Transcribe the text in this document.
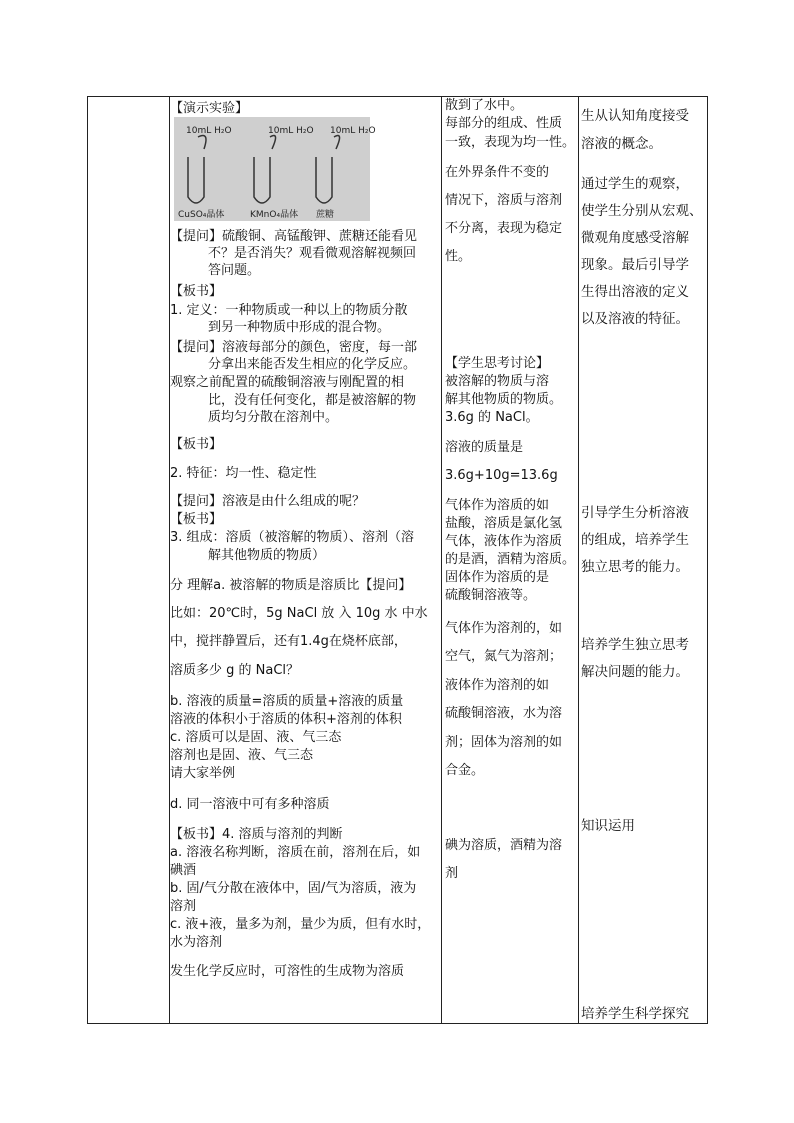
【演示实验】
10mL H₂O	10mL H₂O 10mL H₂O
CuSO₄晶体	KMnO₄晶体 蔗糖
【提问】硫酸铜、高锰酸钾、蔗糖还能看见
不？是否消失？观看微观溶解视频回
答问题。
【板书】
1. 定义：一种物质或一种以上的物质分散
到另一种物质中形成的混合物。
【提问】溶液每部分的颜色，密度，每一部
分拿出来能否发生相应的化学反应。
观察之前配置的硫酸铜溶液与刚配置的相
比，没有任何变化，都是被溶解的物
质均匀分散在溶剂中。
【板书】
2. 特征：均一性、稳定性
【提问】溶液是由什么组成的呢？
【板书】
3. 组成：溶质（被溶解的物质）、溶剂（溶
解其他物质的物质）
分 理解a. 被溶解的物质是溶质比【提问】
比如：20℃时，5g NaCl 放 入 10g 水 中水
中，搅拌静置后，还有1.4g在烧杯底部，
溶质多少 g 的 NaCl？
b. 溶液的质量=溶质的质量+溶液的质量
溶液的体积小于溶质的体积+溶剂的体积
c. 溶质可以是固、液、气三态
溶剂也是固、液、气三态
请大家举例
d. 同一溶液中可有多种溶质
【板书】4. 溶质与溶剂的判断
a. 溶液名称判断，溶质在前，溶剂在后，如
碘酒
b. 固/气分散在液体中，固/气为溶质，液为
溶剂
c. 液+液，量多为剂，量少为质，但有水时，
水为溶剂
发生化学反应时，可溶性的生成物为溶质
散到了水中。
每部分的组成、性质
一致，表现为均一性。
在外界条件不变的
情况下，溶质与溶剂
不分离，表现为稳定
性。
【学生思考讨论】
被溶解的物质与溶
解其他物质的物质。
3.6g 的 NaCl。
溶液的质量是
3.6g+10g=13.6g
气体作为溶质的如
盐酸，溶质是氯化氢
气体，液体作为溶质
的是酒，酒精为溶质。
固体作为溶质的是
硫酸铜溶液等。
气体作为溶剂的，如
空气，氮气为溶剂；
液体作为溶剂的如
硫酸铜溶液，水为溶
剂；固体为溶剂的如
合金。
碘为溶质，酒精为溶
剂
生从认知角度接受
溶液的概念。
通过学生的观察，
使学生分别从宏观、
微观角度感受溶解
现象。最后引导学
生得出溶液的定义
以及溶液的特征。
引导学生分析溶液
的组成，培养学生
独立思考的能力。
培养学生独立思考
解决问题的能力。
知识运用
培养学生科学探究
